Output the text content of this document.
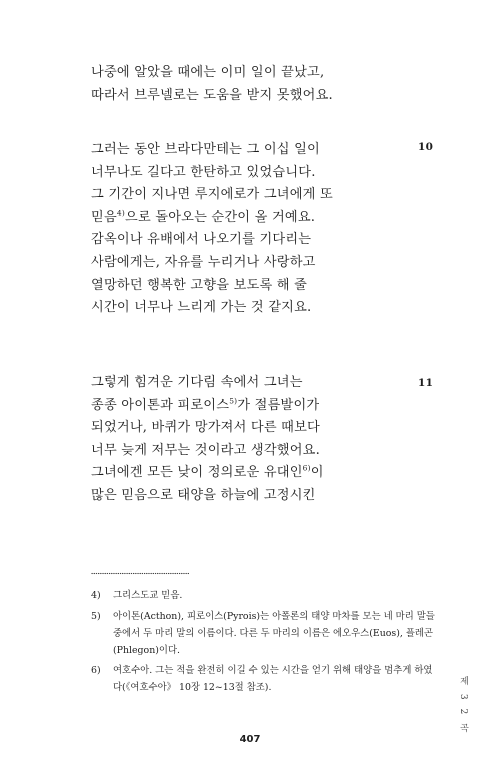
나중에 알았을 때에는 이미 일이 끝났고,
따라서 브루넬로는 도움을 받지 못했어요.
10
그러는 동안 브라다만테는 그 이십 일이
너무나도 길다고 한탄하고 있었습니다.
그 기간이 지나면 루지에로가 그녀에게 또
믿음$^{4)}$으로 돌아오는 순간이 올 거예요.
감옥이나 유배에서 나오기를 기다리는
사람에게는, 자유를 누리거나 사랑하고
열망하던 행복한 고향을 보도록 해 줄
시간이 너무나 느리게 가는 것 같지요.
11
그렇게 힘겨운 기다림 속에서 그녀는
종종 아이톤과 피로이스$^{5)}$가 절름발이가
되었거나, 바퀴가 망가져서 다른 때보다
너무 늦게 저무는 것이라고 생각했어요.
그녀에겐 모든 낮이 정의로운 유대인$^{6)}$이
많은 믿음으로 태양을 하늘에 고정시킨
4)	그리스도교 믿음.
5)	아이톤(Acthon), 피로이스(Pyrois)는 아폴론의 태양 마차를 모는 네 마리 말들
중에서 두 마리 말의 이름이다. 다른 두 마리의 이름은 에오우스(Euos), 플레곤
(Phlegon)이다.
6)	여호수아. 그는 적을 완전히 이길 수 있는 시간을 얻기 위해 태양을 멈추게 하였
다(《여호수아》 10장 12~13절 참조).
407
제 3 2 곡
